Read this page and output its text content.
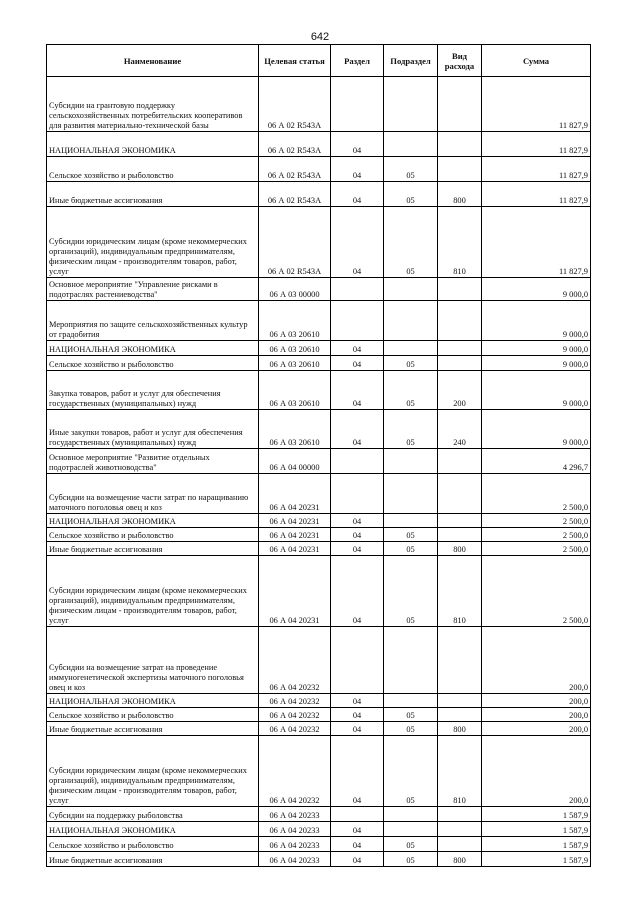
642
Наименование	Целевая статья	Раздел	Подраздел	Вид расхода	Сумма
Субсидии на грантовую поддержку сельскохозяйственных потребительских кооперативов для развития материально-технической базы	06 А 02 R543А				11 827,9
НАЦИОНАЛЬНАЯ ЭКОНОМИКА	06 А 02 R543А	04			11 827,9
Сельское хозяйство и рыболовство	06 А 02 R543А	04	05		11 827,9
Иные бюджетные ассигнования	06 А 02 R543А	04	05	800	11 827,9
Субсидии юридическим лицам (кроме некоммерческих организаций), индивидуальным предпринимателям, физическим лицам - производителям товаров, работ, услуг	06 А 02 R543А	04	05	810	11 827,9
Основное мероприятие "Управление рисками в подотраслях растениеводства"	06 А 03 00000				9 000,0
Мероприятия по защите сельскохозяйственных культур от градобития	06 А 03 20610				9 000,0
НАЦИОНАЛЬНАЯ ЭКОНОМИКА	06 А 03 20610	04			9 000,0
Сельское хозяйство и рыболовство	06 А 03 20610	04	05		9 000,0
Закупка товаров, работ и услуг для обеспечения государственных (муниципальных) нужд	06 А 03 20610	04	05	200	9 000,0
Иные закупки товаров, работ и услуг для обеспечения государственных (муниципальных) нужд	06 А 03 20610	04	05	240	9 000,0
Основное мероприятие "Развитие отдельных подотраслей животноводства"	06 А 04 00000				4 296,7
Субсидии на возмещение части затрат по наращиванию маточного поголовья овец и коз	06 А 04 20231				2 500,0
НАЦИОНАЛЬНАЯ ЭКОНОМИКА	06 А 04 20231	04			2 500,0
Сельское хозяйство и рыболовство	06 А 04 20231	04	05		2 500,0
Иные бюджетные ассигнования	06 А 04 20231	04	05	800	2 500,0
Субсидии юридическим лицам (кроме некоммерческих организаций), индивидуальным предпринимателям, физическим лицам - производителям товаров, работ, услуг	06 А 04 20231	04	05	810	2 500,0
Субсидии на возмещение затрат на проведение иммуногенетической экспертизы маточного поголовья овец и коз	06 А 04 20232				200,0
НАЦИОНАЛЬНАЯ ЭКОНОМИКА	06 А 04 20232	04			200,0
Сельское хозяйство и рыболовство	06 А 04 20232	04	05		200,0
Иные бюджетные ассигнования	06 А 04 20232	04	05	800	200,0
Субсидии юридическим лицам (кроме некоммерческих организаций), индивидуальным предпринимателям, физическим лицам - производителям товаров, работ, услуг	06 А 04 20232	04	05	810	200,0
Субсидии на поддержку рыболовства	06 А 04 20233				1 587,9
НАЦИОНАЛЬНАЯ ЭКОНОМИКА	06 А 04 20233	04			1 587,9
Сельское хозяйство и рыболовство	06 А 04 20233	04	05		1 587,9
Иные бюджетные ассигнования	06 А 04 20233	04	05	800	1 587,9
